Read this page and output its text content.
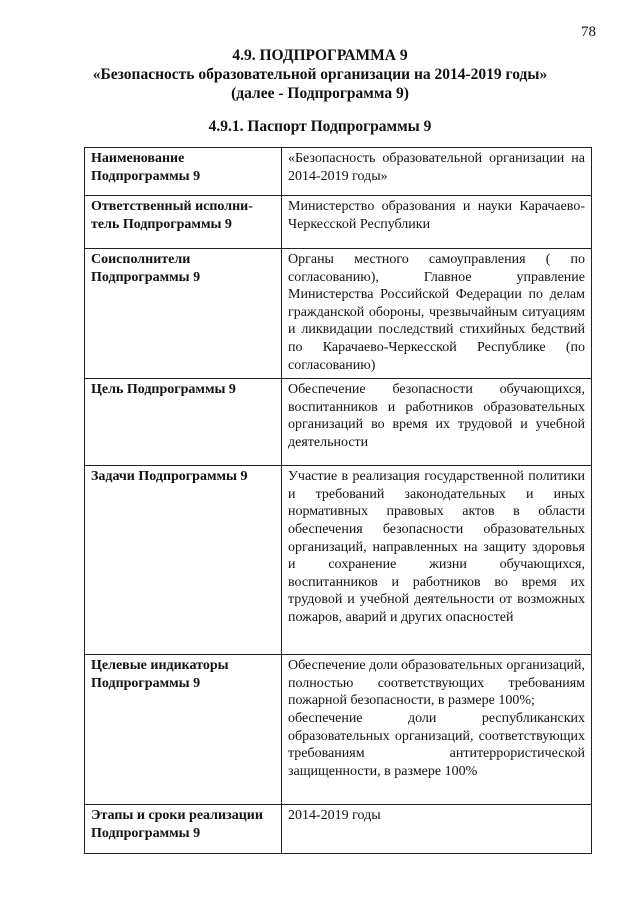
78
4.9. ПОДПРОГРАММА 9
«Безопасность образовательной организации на 2014-2019 годы»
(далее - Подпрограмма 9)
4.9.1. Паспорт Подпрограммы 9
Наименование
Подпрограммы 9	«Безопасность образовательной организации на 2014-2019 годы»
Ответственный исполни-
тель Подпрограммы 9	Министерство образования и науки Карачаево-Черкесской Республики
Соисполнители
Подпрограммы 9	Органы местного самоуправления ( по согласованию), Главное управление Министерства Российской Федерации по делам гражданской обороны, чрезвычайным ситуациям и ликвидации последствий стихийных бедствий по Карачаево-Черкесской Республике (по согласованию)
Цель Подпрограммы 9	Обеспечение безопасности обучающихся, воспитанников и работников образовательных организаций во время их трудовой и учебной деятельности
Задачи Подпрограммы 9	Участие в реализация государственной политики и требований законодательных и иных нормативных правовых актов в области обеспечения безопасности образовательных организаций, направленных на защиту здоровья и сохранение жизни обучающихся, воспитанников и работников во время их трудовой и учебной деятельности от возможных пожаров, аварий и других опасностей
Целевые индикаторы
Подпрограммы 9	Обеспечение доли образовательных организаций, полностью соответствующих требованиям пожарной безопасности, в размере 100%;
обеспечение доли республиканских образовательных организаций, соответствующих требованиям антитеррористической защищенности, в размере 100%
Этапы и сроки реализации Подпрограммы 9	2014-2019 годы
